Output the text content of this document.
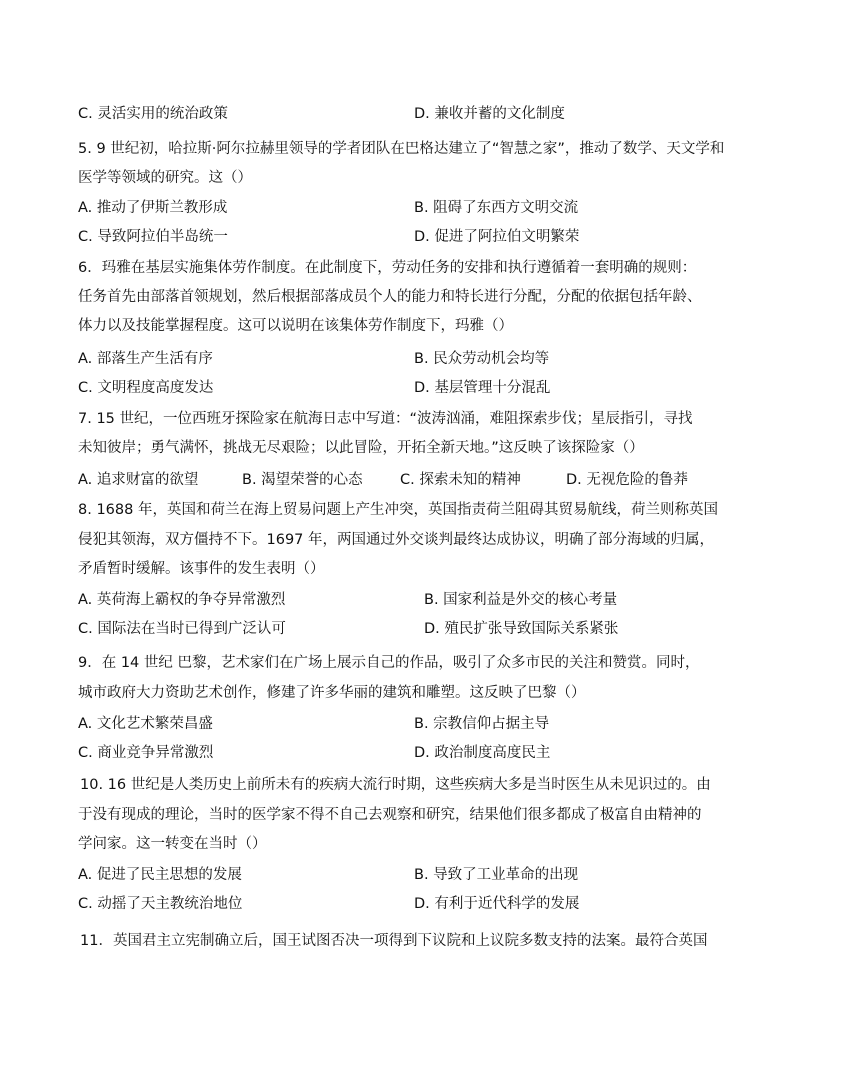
C. 灵活实用的统治政策	D. 兼收并蓄的文化制度
5. 9 世纪初，哈拉斯·阿尔拉赫里领导的学者团队在巴格达建立了“智慧之家”，推动了数学、天文学和
医学等领域的研究。这（）
A. 推动了伊斯兰教形成	B. 阻碍了东西方文明交流
C. 导致阿拉伯半岛统一	D. 促进了阿拉伯文明繁荣
6．玛雅在基层实施集体劳作制度。在此制度下，劳动任务的安排和执行遵循着一套明确的规则：
任务首先由部落首领规划，然后根据部落成员个人的能力和特长进行分配，分配的依据包括年龄、
体力以及技能掌握程度。这可以说明在该集体劳作制度下，玛雅（）
A. 部落生产生活有序	B. 民众劳动机会均等
C. 文明程度高度发达	D. 基层管理十分混乱
7. 15 世纪，一位西班牙探险家在航海日志中写道：“波涛汹涌，难阻探索步伐；星辰指引，寻找
未知彼岸；勇气满怀，挑战无尽艰险；以此冒险，开拓全新天地。”这反映了该探险家（）
A. 追求财富的欲望	B. 渴望荣誉的心态	C. 探索未知的精神	D. 无视危险的鲁莽
8. 1688 年，英国和荷兰在海上贸易问题上产生冲突，英国指责荷兰阻碍其贸易航线，荷兰则称英国
侵犯其领海，双方僵持不下。1697 年，两国通过外交谈判最终达成协议，明确了部分海域的归属，
矛盾暂时缓解。该事件的发生表明（）
A. 英荷海上霸权的争夺异常激烈	B. 国家利益是外交的核心考量
C. 国际法在当时已得到广泛认可	D. 殖民扩张导致国际关系紧张
9．在 14 世纪 巴黎，艺术家们在广场上展示自己的作品，吸引了众多市民的关注和赞赏。同时，
城市政府大力资助艺术创作，修建了许多华丽的建筑和雕塑。这反映了巴黎（）
A. 文化艺术繁荣昌盛	B. 宗教信仰占据主导
C. 商业竞争异常激烈	D. 政治制度高度民主
10. 16 世纪是人类历史上前所未有的疾病大流行时期，这些疾病大多是当时医生从未见识过的。由
于没有现成的理论，当时的医学家不得不自己去观察和研究，结果他们很多都成了极富自由精神的
学问家。这一转变在当时（）
A. 促进了民主思想的发展	B. 导致了工业革命的出现
C. 动摇了天主教统治地位	D. 有利于近代科学的发展
11．英国君主立宪制确立后，国王试图否决一项得到下议院和上议院多数支持的法案。最符合英国
